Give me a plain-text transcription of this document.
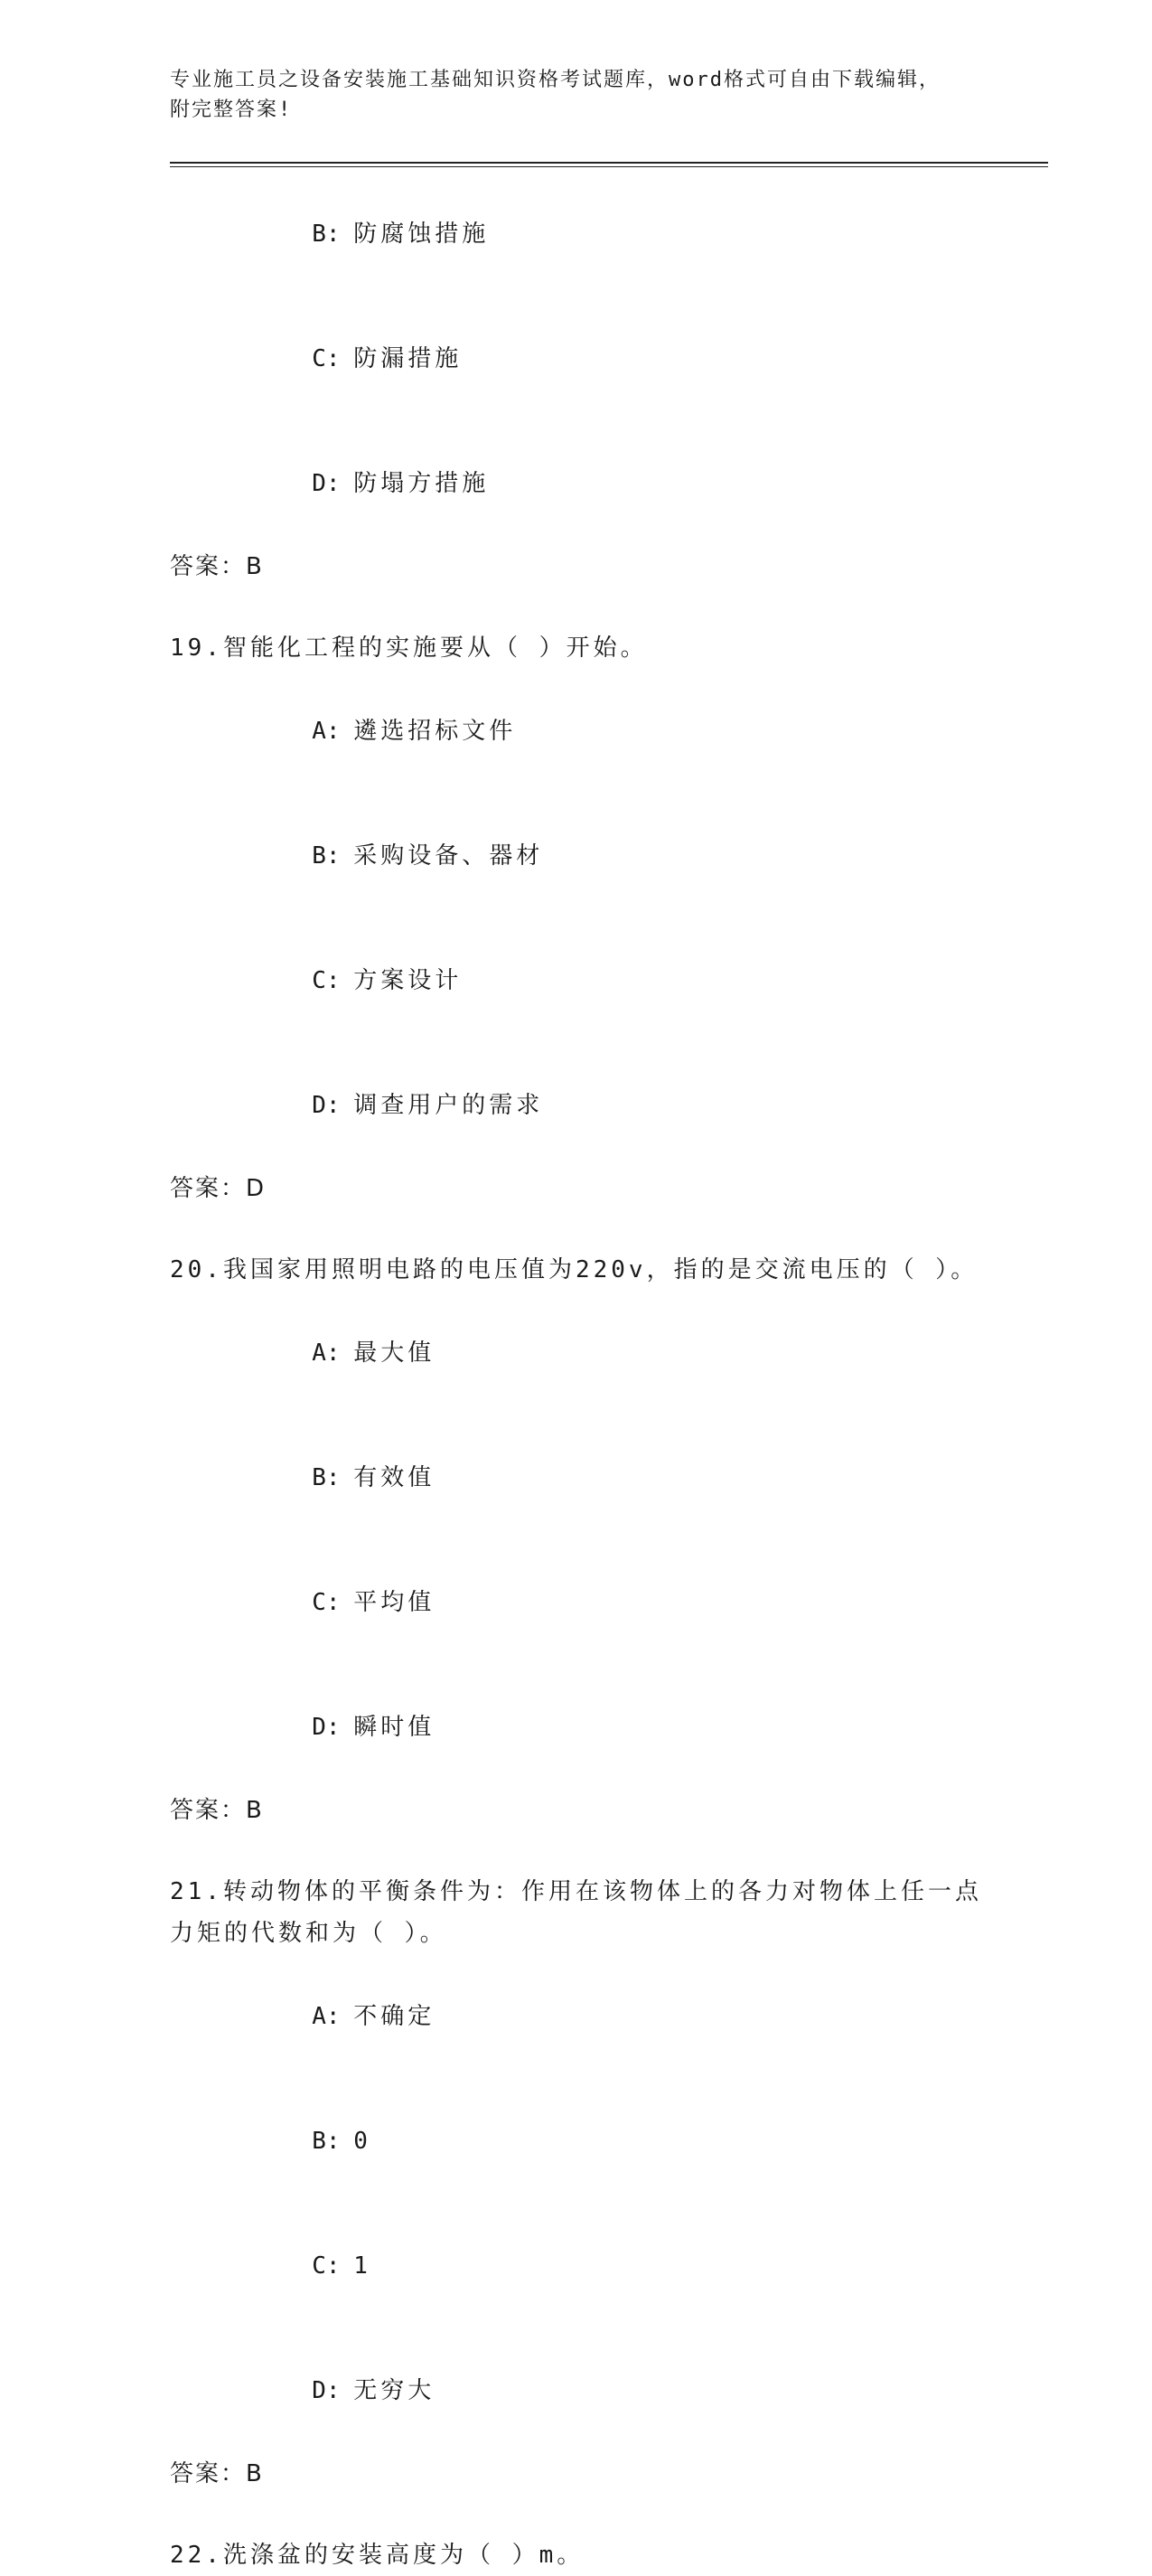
专业施工员之设备安装施工基础知识资格考试题库，word格式可自由下载编辑，
附完整答案!

B: 防腐蚀措施

C: 防漏措施

D: 防塌方措施

答案：B
19.智能化工程的实施要从（ ）开始。

A: 遴选招标文件

B: 采购设备、器材

C: 方案设计

D: 调查用户的需求

答案：D
20.我国家用照明电路的电压值为220v，指的是交流电压的（ ）。

A: 最大值

B: 有效值

C: 平均值

D: 瞬时值

答案：B
21.转动物体的平衡条件为：作用在该物体上的各力对物体上任一点力矩的代数和为（ ）。

A: 不确定

B: 0

C: 1

D: 无穷大

答案：B
22.洗涤盆的安装高度为（ ）m。
